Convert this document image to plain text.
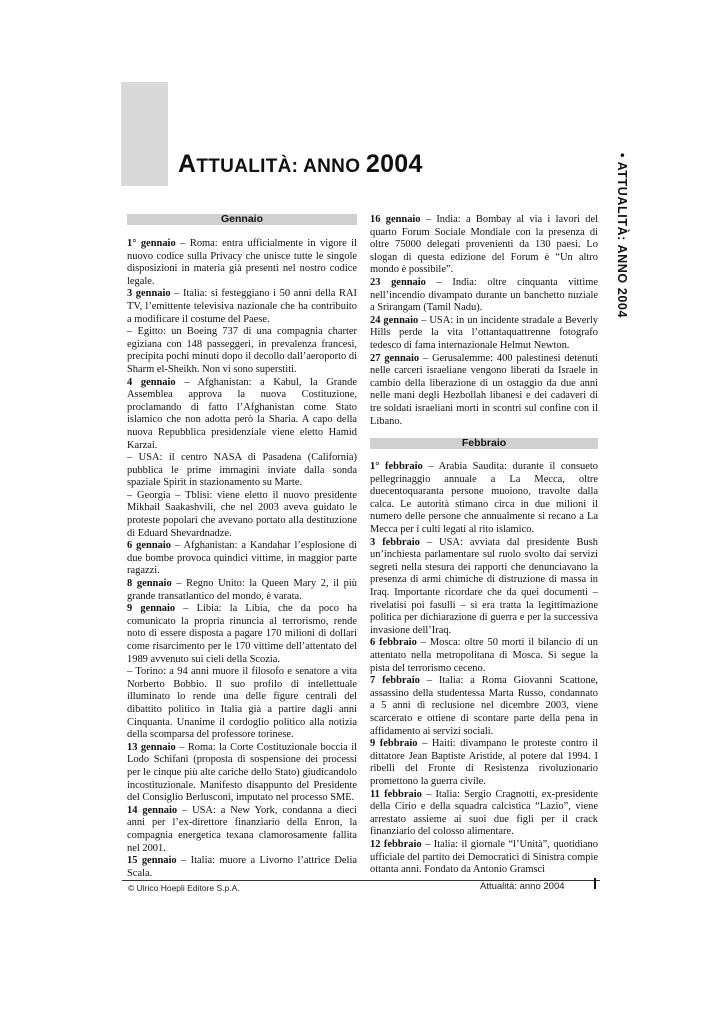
ATTUALITÀ: ANNO 2004	• ATTUALITÀ: ANNO 2004
Gennaio

1° gennaio – Roma: entra ufficialmente in vigore il nuovo codice sulla Privacy che unisce tutte le singole disposizioni in materia già presenti nel nostro codice legale.

3 gennaio – Italia: si festeggiano i 50 anni della RAI TV, l’emittente televisiva nazionale che ha contribuito a modificare il costume del Paese.

– Egitto: un Boeing 737 di una compagnia charter egiziana con 148 passeggeri, in prevalenza francesi, precipita pochi minuti dopo il decollo dall’aeroporto di Sharm el-Sheikh. Non vi sono superstiti.

4 gennaio – Afghanistan: a Kabul, la Grande Assemblea approva la nuova Costituzione, proclamando di fatto l’Afghanistan come Stato islamico che non adotta però la Sharia. A capo della nuova Repubblica presidenziale viene eletto Hamid Karzai.

– USA: il centro NASA di Pasadena (California) pubblica le prime immagini inviate dalla sonda spaziale Spirit in stazionamento su Marte.

– Georgia – Tblisi: viene eletto il nuovo presidente Mikhail Saakashvili, che nel 2003 aveva guidato le proteste popolari che avevano portato alla destituzione di Eduard Shevardnadze.

6 gennaio – Afghanistan: a Kandahar l’esplosione di due bombe provoca quindici vittime, in maggior parte ragazzi.

8 gennaio – Regno Unito: la Queen Mary 2, il più grande transatlantico del mondo, è varata.

9 gennaio – Libia: la Libia, che da poco ha comunicato la propria rinuncia al terrorismo, rende noto di essere disposta a pagare 170 milioni di dollari come risarcimento per le 170 vittime dell’attentato del 1989 avvenuto sui cieli della Scozia.

– Torino: a 94 anni muore il filosofo e senatore a vita Norberto Bobbio. Il suo profilo di intellettuale illuminato lo rende una delle figure centrali del dibattito politico in Italia già a partire dagli anni Cinquanta. Unanime il cordoglio politico alla notizia della scomparsa del professore torinese.

13 gennaio – Roma: la Corte Costituzionale boccia il Lodo Schifani (proposta di sospensione dei processi per le cinque più alte cariche dello Stato) giudicandolo incostituzionale. Manifesto disappunto del Presidente del Consiglio Berlusconi, imputato nel processo SME.

14 gennaio – USA: a New York, condanna a dieci anni per l’ex-direttore finanziario della Enron, la compagnia energetica texana clamorosamente fallita nel 2001.

15 gennaio – Italia: muore a Livorno l’attrice Delia Scala.

16 gennaio – India: a Bombay al via i lavori del quarto Forum Sociale Mondiale con la presenza di oltre 75000 delegati provenienti da 130 paesi. Lo slogan di questa edizione del Forum è “Un altro mondo è possibile”.

23 gennaio – India: oltre cinquanta vittime nell’incendio divampato durante un banchetto nuziale a Srirangam (Tamil Nadu).

24 gennaio – USA: in un incidente stradale a Beverly Hills perde la vita l’ottantaquattrenne fotografo tedesco di fama internazionale Helmut Newton.

27 gennaio – Gerusalemme: 400 palestinesi detenuti nelle carceri israeliane vengono liberati da Israele in cambio della liberazione di un ostaggio da due anni nelle mani degli Hezbollah libanesi e dei cadaveri di tre soldati israeliani morti in scontri sul confine con il Libano.

Febbraio

1° febbraio – Arabia Saudita: durante il consueto pellegrinaggio annuale a La Mecca, oltre duecentoquaranta persone muoiono, travolte dalla calca. Le autorità stimano circa in due milioni il numero delle persone che annualmente si recano a La Mecca per i culti legati al rito islamico.

3 febbraio – USA: avviata dal presidente Bush un’inchiesta parlamentare sul ruolo svolto dai servizi segreti nella stesura dei rapporti che denunciavano la presenza di armi chimiche di distruzione di massa in Iraq. Importante ricordare che da quei documenti – rivelatisi poi fasulli – si era tratta la legittimazione politica per dichiarazione di guerra e per la successiva invasione dell’Iraq.

6 febbraio – Mosca: oltre 50 morti il bilancio di un attentato nella metropolitana di Mosca. Si segue la pista del terrorismo ceceno.

7 febbraio – Italia: a Roma Giovanni Scattone, assassino della studentessa Marta Russo, condannato a 5 anni di reclusione nel dicembre 2003, viene scarcerato e ottiene di scontare parte della pena in affidamento ai servizi sociali.

9 febbraio – Haiti: divampano le proteste contro il dittatore Jean Baptiste Aristide, al potere dal 1994. I ribelli del Fronte di Resistenza rivoluzionario promettono la guerra civile.

11 febbraio – Italia: Sergio Cragnotti, ex-presidente della Cirio e della squadra calcistica “Lazio”, viene arrestato assieme ai suoi due figli per il crack finanziario del colosso alimentare.

12 febbraio – Italia: il giornale “l’Unità”, quotidiano ufficiale del partito dei Democratici di Sinistra compie ottanta anni. Fondato da Antonio Gramsci

© Ulrico Hoepli Editore S.p.A.	Attualità: anno 2004
